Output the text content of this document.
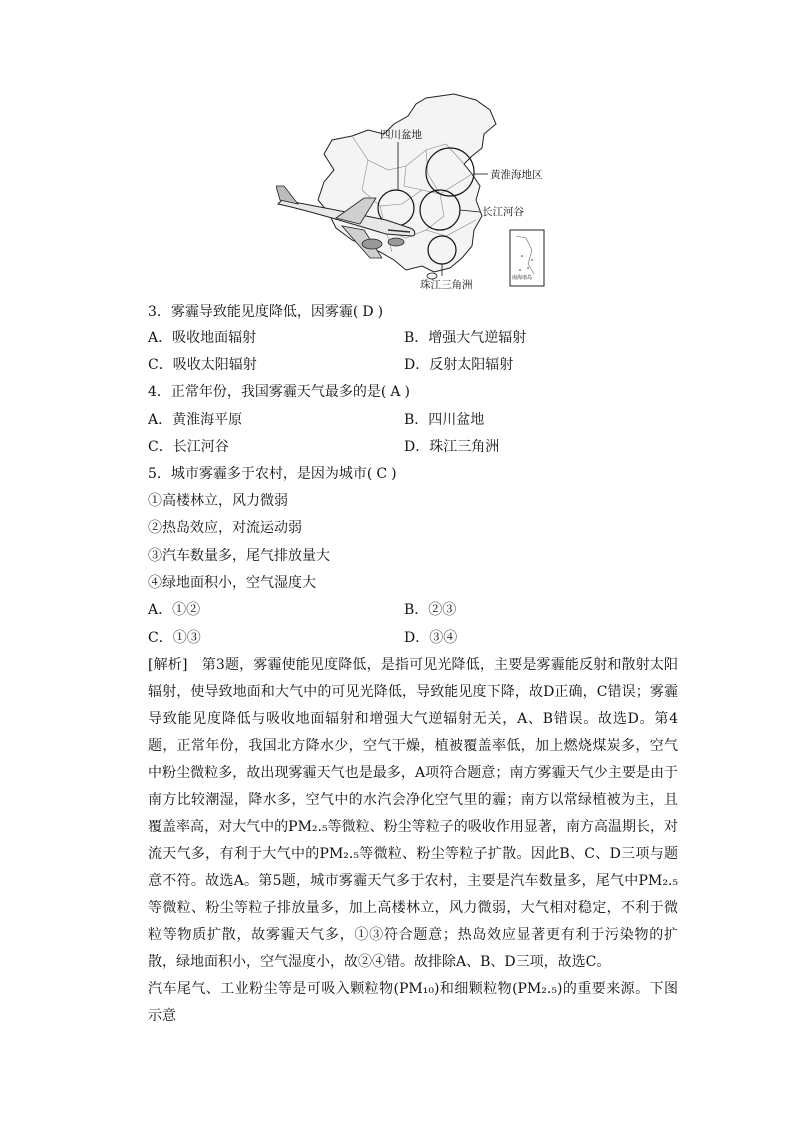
四川盆地
黄淮海地区
长江河谷
珠江三角洲
南海诸岛
3．雾霾导致能见度降低，因雾霾( D )
A．吸收地面辐射	B．增强大气逆辐射
C．吸收太阳辐射	D．反射太阳辐射
4．正常年份，我国雾霾天气最多的是( A )
A．黄淮海平原	B．四川盆地
C．长江河谷	D．珠江三角洲
5．城市雾霾多于农村，是因为城市( C )
①高楼林立，风力微弱
②热岛效应，对流运动弱
③汽车数量多，尾气排放量大
④绿地面积小，空气湿度大
A．①②	B．②③
C．①③	D．③④

[解析]　第3题，雾霾使能见度降低，是指可见光降低，主要是雾霾能反射和散射太阳辐射，使导致地面和大气中的可见光降低，导致能见度下降，故D正确，C错误；雾霾导致能见度降低与吸收地面辐射和增强大气逆辐射无关，A、B错误。故选D。第4题，正常年份，我国北方降水少，空气干燥，植被覆盖率低，加上燃烧煤炭多，空气中粉尘微粒多，故出现雾霾天气也是最多，A项符合题意；南方雾霾天气少主要是由于南方比较潮湿，降水多，空气中的水汽会净化空气里的霾；南方以常绿植被为主，且覆盖率高，对大气中的PM₂.₅等微粒、粉尘等粒子的吸收作用显著，南方高温期长，对流天气多，有利于大气中的PM₂.₅等微粒、粉尘等粒子扩散。因此B、C、D三项与题意不符。故选A。第5题，城市雾霾天气多于农村，主要是汽车数量多，尾气中PM₂.₅等微粒、粉尘等粒子排放量多，加上高楼林立，风力微弱，大气相对稳定，不利于微粒等物质扩散，故雾霾天气多，①③符合题意；热岛效应显著更有利于污染物的扩散，绿地面积小，空气湿度小，故②④错。故排除A、B、D三项，故选C。

汽车尾气、工业粉尘等是可吸入颗粒物(PM₁₀)和细颗粒物(PM₂.₅)的重要来源。下图示意
